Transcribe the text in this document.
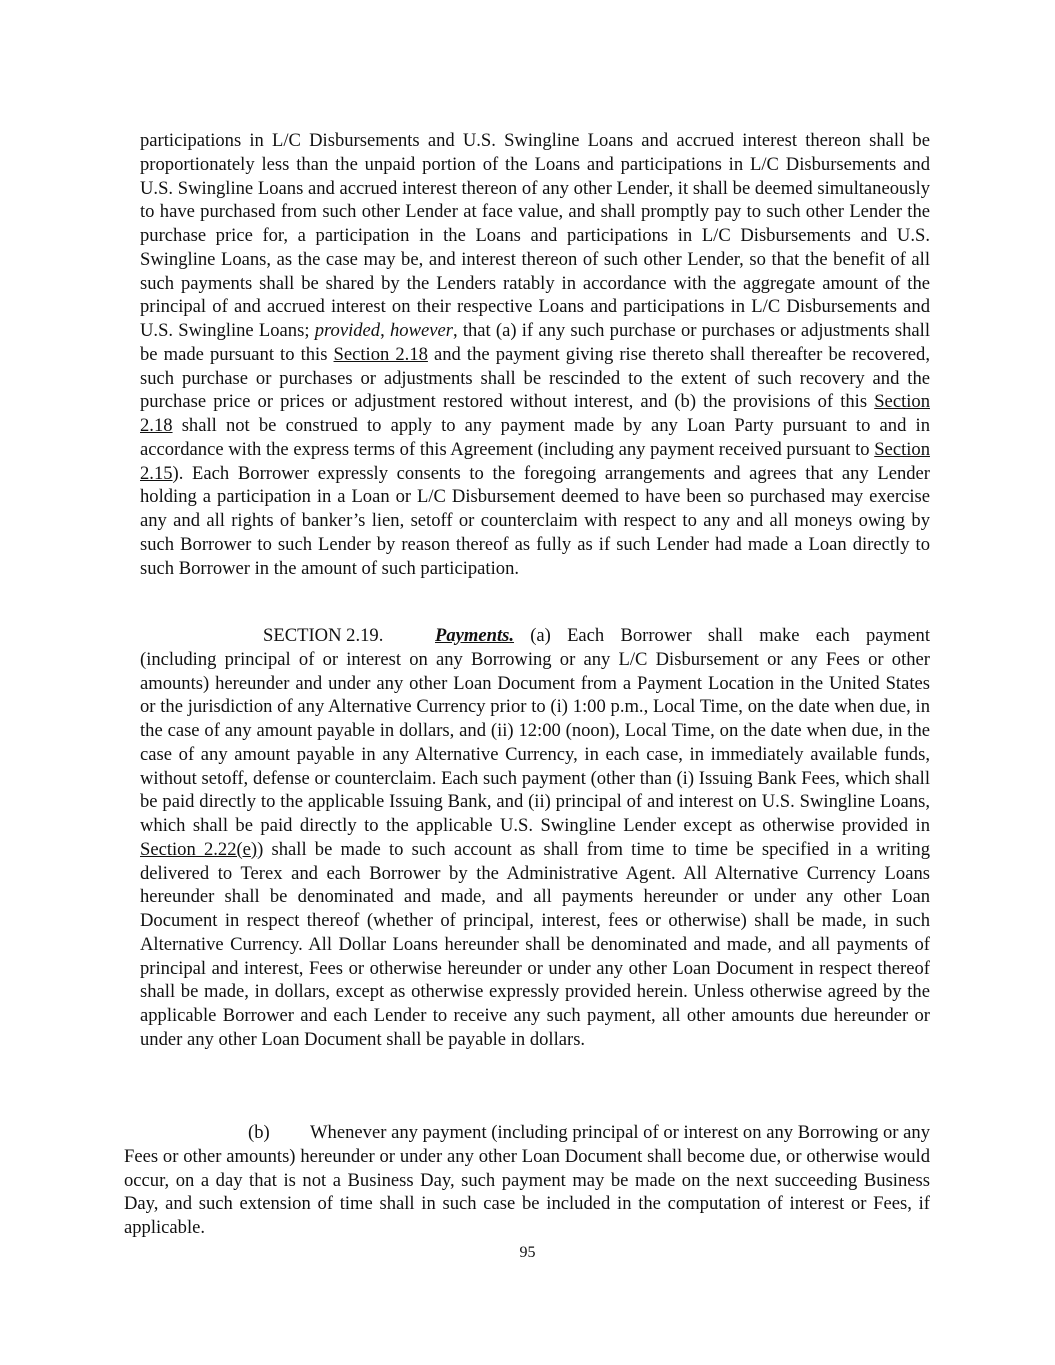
participations in L/C Disbursements and U.S. Swingline Loans and accrued interest thereon shall be proportionately less than the unpaid portion of the Loans and participations in L/C Disbursements and U.S. Swingline Loans and accrued interest thereon of any other Lender, it shall be deemed simultaneously to have purchased from such other Lender at face value, and shall promptly pay to such other Lender the purchase price for, a participation in the Loans and participations in L/C Disbursements and U.S. Swingline Loans, as the case may be, and interest thereon of such other Lender, so that the benefit of all such payments shall be shared by the Lenders ratably in accordance with the aggregate amount of the principal of and accrued interest on their respective Loans and participations in L/C Disbursements and U.S. Swingline Loans; provided, however, that (a) if any such purchase or purchases or adjustments shall be made pursuant to this Section 2.18 and the payment giving rise thereto shall thereafter be recovered, such purchase or purchases or adjustments shall be rescinded to the extent of such recovery and the purchase price or prices or adjustment restored without interest, and (b) the provisions of this Section 2.18 shall not be construed to apply to any payment made by any Loan Party pursuant to and in accordance with the express terms of this Agreement (including any payment received pursuant to Section 2.15). Each Borrower expressly consents to the foregoing arrangements and agrees that any Lender holding a participation in a Loan or L/C Disbursement deemed to have been so purchased may exercise any and all rights of banker’s lien, setoff or counterclaim with respect to any and all moneys owing by such Borrower to such Lender by reason thereof as fully as if such Lender had made a Loan directly to such Borrower in the amount of such participation.

SECTION 2.19.	Payments. (a) Each Borrower shall make each payment (including principal of or interest on any Borrowing or any L/C Disbursement or any Fees or other amounts) hereunder and under any other Loan Document from a Payment Location in the United States or the jurisdiction of any Alternative Currency prior to (i) 1:00 p.m., Local Time, on the date when due, in the case of any amount payable in dollars, and (ii) 12:00 (noon), Local Time, on the date when due, in the case of any amount payable in any Alternative Currency, in each case, in immediately available funds, without setoff, defense or counterclaim. Each such payment (other than (i) Issuing Bank Fees, which shall be paid directly to the applicable Issuing Bank, and (ii) principal of and interest on U.S. Swingline Loans, which shall be paid directly to the applicable U.S. Swingline Lender except as otherwise provided in Section 2.22(e)) shall be made to such account as shall from time to time be specified in a writing delivered to Terex and each Borrower by the Administrative Agent. All Alternative Currency Loans hereunder shall be denominated and made, and all payments hereunder or under any other Loan Document in respect thereof (whether of principal, interest, fees or otherwise) shall be made, in such Alternative Currency. All Dollar Loans hereunder shall be denominated and made, and all payments of principal and interest, Fees or otherwise hereunder or under any other Loan Document in respect thereof shall be made, in dollars, except as otherwise expressly provided herein. Unless otherwise agreed by the applicable Borrower and each Lender to receive any such payment, all other amounts due hereunder or under any other Loan Document shall be payable in dollars.

(b) Whenever any payment (including principal of or interest on any Borrowing or any Fees or other amounts) hereunder or under any other Loan Document shall become due, or otherwise would occur, on a day that is not a Business Day, such payment may be made on the next succeeding Business Day, and such extension of time shall in such case be included in the computation of interest or Fees, if applicable.

95
